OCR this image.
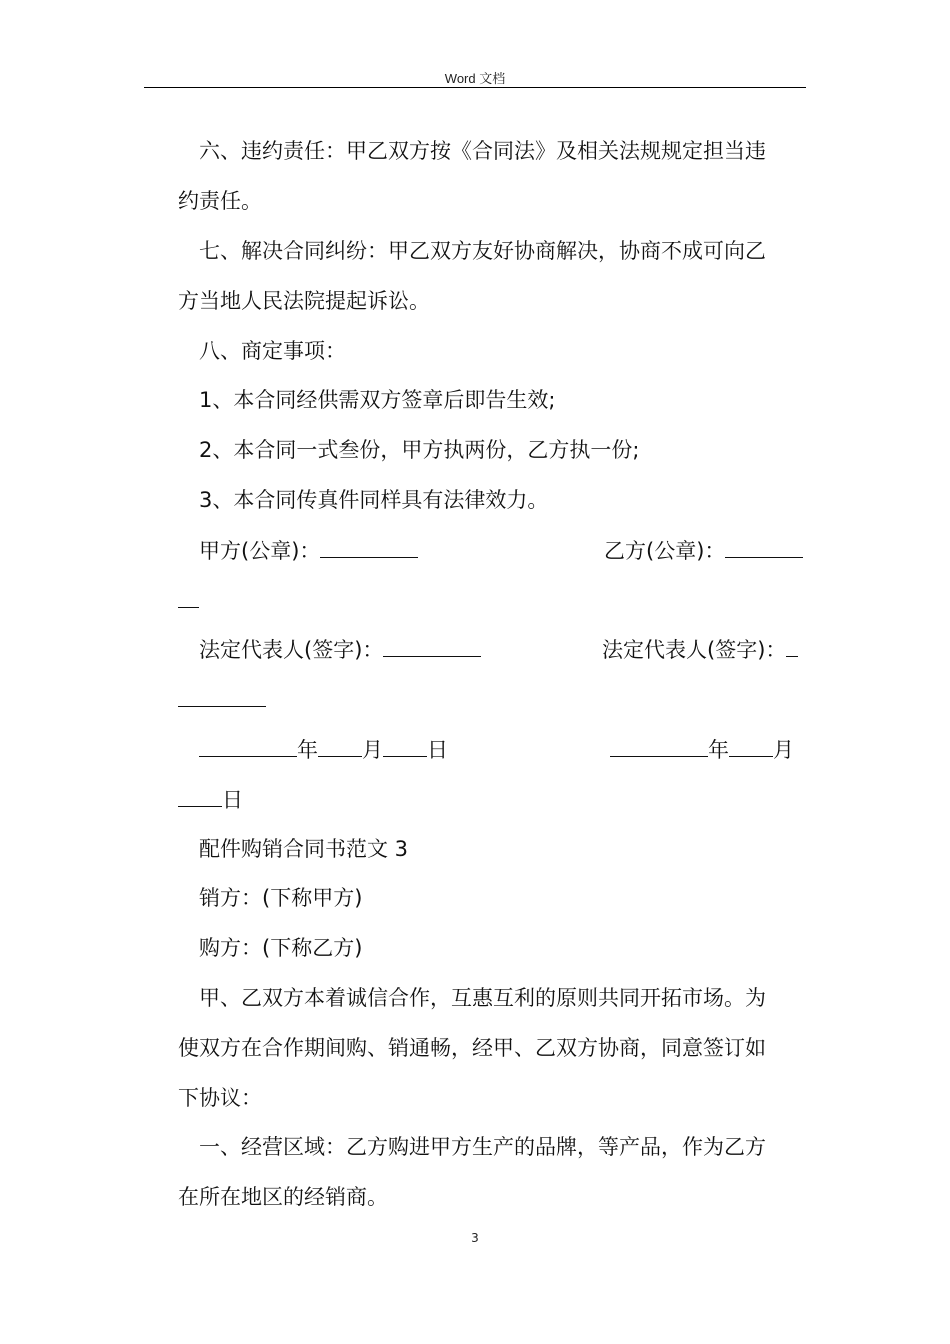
Word 文档
六、违约责任：甲乙双方按《合同法》及相关法规规定担当违
约责任。
七、解决合同纠纷：甲乙双方友好协商解决，协商不成可向乙
方当地人民法院提起诉讼。
八、商定事项：
1、本合同经供需双方签章后即告生效;
2、本合同一式叁份，甲方执两份，乙方执一份;
3、本合同传真件同样具有法律效力。
甲方(公章)：	乙方(公章)：
法定代表人(签字)：	法定代表人(签字)：
年 月 日	年 月
日
配件购销合同书范文 3
销方：(下称甲方)
购方：(下称乙方)
甲、乙双方本着诚信合作，互惠互利的原则共同开拓市场。为
使双方在合作期间购、销通畅，经甲、乙双方协商，同意签订如
下协议：
一、经营区域：乙方购进甲方生产的品牌，等产品，作为乙方
在所在地区的经销商。
3
